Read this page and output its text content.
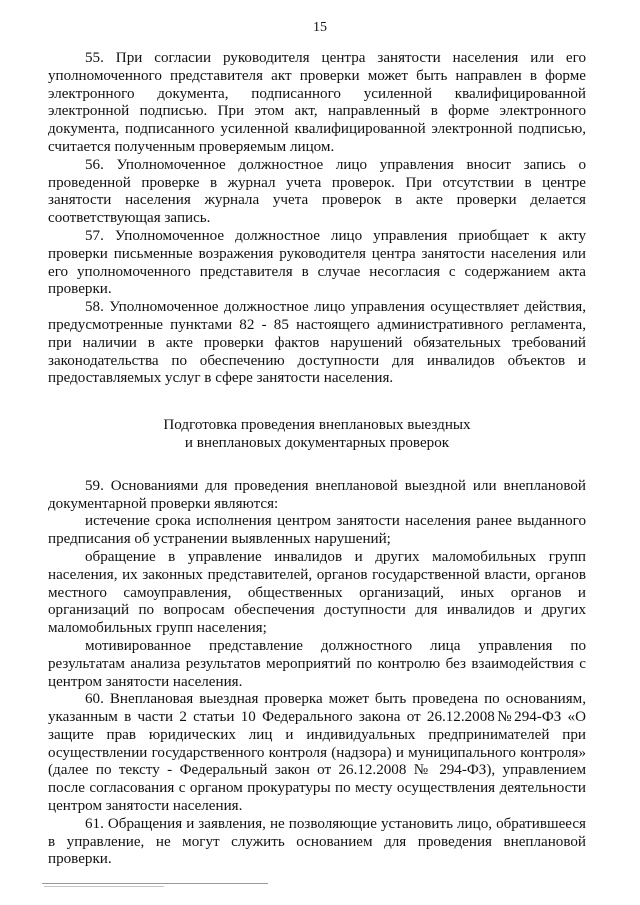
15

55. При согласии руководителя центра занятости населения или его уполномоченного представителя акт проверки может быть направлен в форме электронного документа, подписанного усиленной квалифицированной электронной подписью. При этом акт, направленный в форме электронного документа, подписанного усиленной квалифицированной электронной подписью, считается полученным проверяемым лицом.

56. Уполномоченное должностное лицо управления вносит запись о проведенной проверке в журнал учета проверок. При отсутствии в центре занятости населения журнала учета проверок в акте проверки делается соответствующая запись.

57. Уполномоченное должностное лицо управления приобщает к акту проверки письменные возражения руководителя центра занятости населения или его уполномоченного представителя в случае несогласия с содержанием акта проверки.

58. Уполномоченное должностное лицо управления осуществляет действия, предусмотренные пунктами 82 - 85 настоящего административного регламента, при наличии в акте проверки фактов нарушений обязательных требований законодательства по обеспечению доступности для инвалидов объектов и предоставляемых услуг в сфере занятости населения.

Подготовка проведения внеплановых выездных
и внеплановых документарных проверок

59. Основаниями для проведения внеплановой выездной или внеплановой документарной проверки являются:

истечение срока исполнения центром занятости населения ранее выданного предписания об устранении выявленных нарушений;

обращение в управление инвалидов и других маломобильных групп населения, их законных представителей, органов государственной власти, органов местного самоуправления, общественных организаций, иных органов и организаций по вопросам обеспечения доступности для инвалидов и других маломобильных групп населения;

мотивированное представление должностного лица управления по результатам анализа результатов мероприятий по контролю без взаимодействия с центром занятости населения.

60. Внеплановая выездная проверка может быть проведена по основаниям, указанным в части 2 статьи 10 Федерального закона от 26.12.2008№294-ФЗ «О защите прав юридических лиц и индивидуальных предпринимателей при осуществлении государственного контроля (надзора) и муниципального контроля» (далее по тексту - Федеральный закон от 26.12.2008 № 294-ФЗ), управлением после согласования с органом прокуратуры по месту осуществления деятельности центром занятости населения.

61. Обращения и заявления, не позволяющие установить лицо, обратившееся в управление, не могут служить основанием для проведения внеплановой проверки.
